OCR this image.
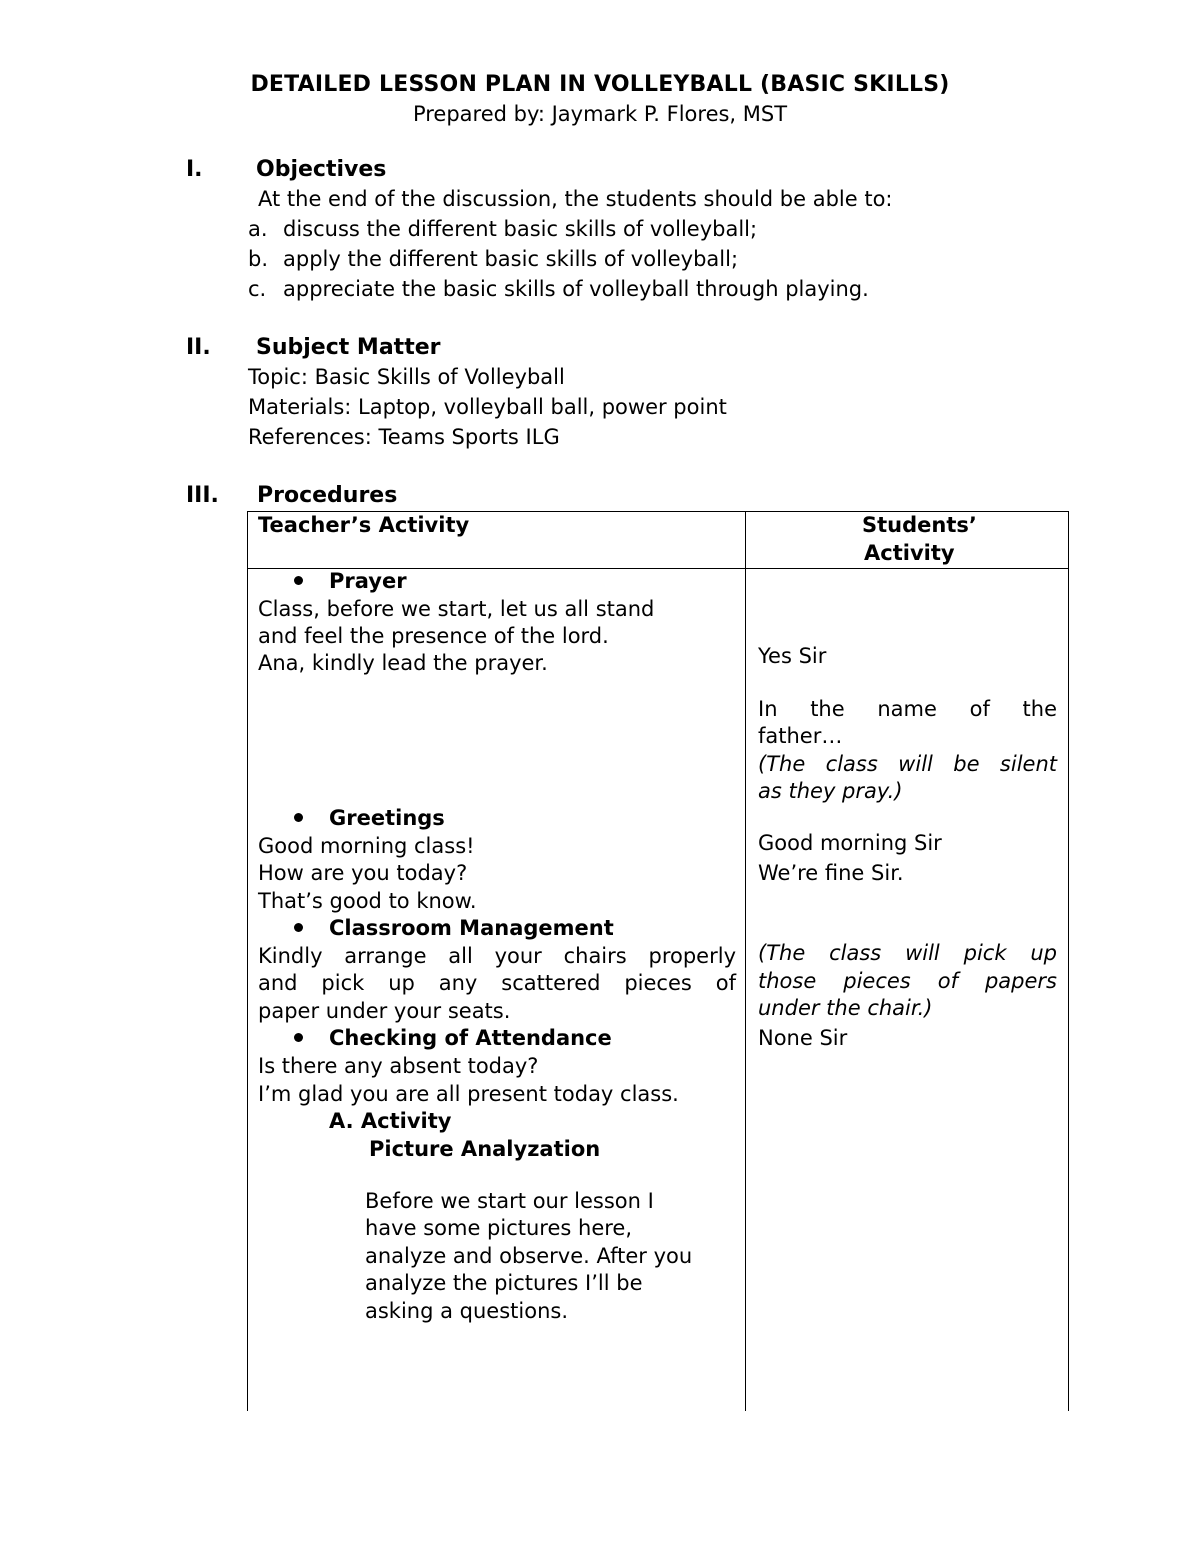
DETAILED LESSON PLAN IN VOLLEYBALL (BASIC SKILLS)
Prepared by: Jaymark P. Flores, MST
I. Objectives
At the end of the discussion, the students should be able to:
a. discuss the different basic skills of volleyball;
b. apply the different basic skills of volleyball;
c. appreciate the basic skills of volleyball through playing.
II. Subject Matter
Topic: Basic Skills of Volleyball
Materials: Laptop, volleyball ball, power point
References: Teams Sports ILG
III. Procedures
Teacher’s Activity	Students’
Activity
Prayer
Class, before we start, let us all stand
and feel the presence of the lord.
Ana, kindly lead the prayer.	Yes Sir
In the name of the
father…
(The class will be silent
as they pray.)
Greetings
Good morning class!
How are you today?
That’s good to know.
Good morning Sir
We’re fine Sir.
Classroom Management
Kindly arrange all your chairs properly
and pick up any scattered pieces of
paper under your seats.
(The class will pick up
those pieces of papers
under the chair.)
Checking of Attendance
Is there any absent today?
I’m glad you are all present today class.
None Sir
A. Activity
Picture Analyzation
Before we start our lesson I
have some pictures here,
analyze and observe. After you
analyze the pictures I’ll be
asking a questions.
